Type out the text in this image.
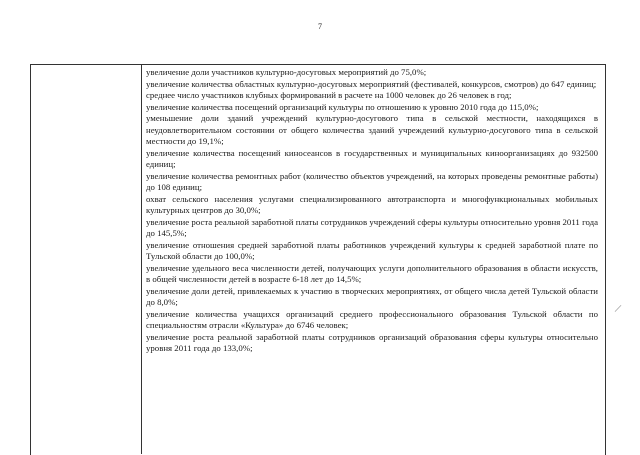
7
увеличение доли участников культурно-досуговых мероприятий до 75,0%;
увеличение количества областных культурно-досуговых мероприятий (фестивалей, конкурсов, смотров) до 647 единиц;
среднее число участников клубных формирований в расчете на 1000 человек до 26 человек в год;
увеличение количества посещений организаций культуры по отношению к уровню 2010 года до 115,0%;
уменьшение доли зданий учреждений культурно-досугового типа в сельской местности, находящихся в неудовлетворительном состоянии от общего количества зданий учреждений культурно-досугового типа в сельской местности до 19,1%;
увеличение количества посещений киносеансов в государственных и муниципальных киноорганизациях до 932500 единиц;
увеличение количества ремонтных работ (количество объектов учреждений, на которых проведены ремонтные работы) до 108 единиц;
охват сельского населения услугами специализированного автотранспорта и многофункциональных мобильных культурных центров до 30,0%;
увеличение роста реальной заработной платы сотрудников учреждений сферы культуры относительно уровня 2011 года до 145,5%;
увеличение отношения средней заработной платы работников учреждений культуры к средней заработной плате по Тульской области до 100,0%;
увеличение удельного веса численности детей, получающих услуги дополнительного образования в области искусств, в общей численности детей в возрасте 6-18 лет до 14,5%;
увеличение доли детей, привлекаемых к участию в творческих мероприятиях, от общего числа детей Тульской области до 8,0%;
увеличение количества учащихся организаций среднего профессионального образования Тульской области по специальностям отрасли «Культура» до 6746 человек;
увеличение роста реальной заработной платы сотрудников организаций образования сферы культуры относительно уровня 2011 года до 133,0%;
⁄
